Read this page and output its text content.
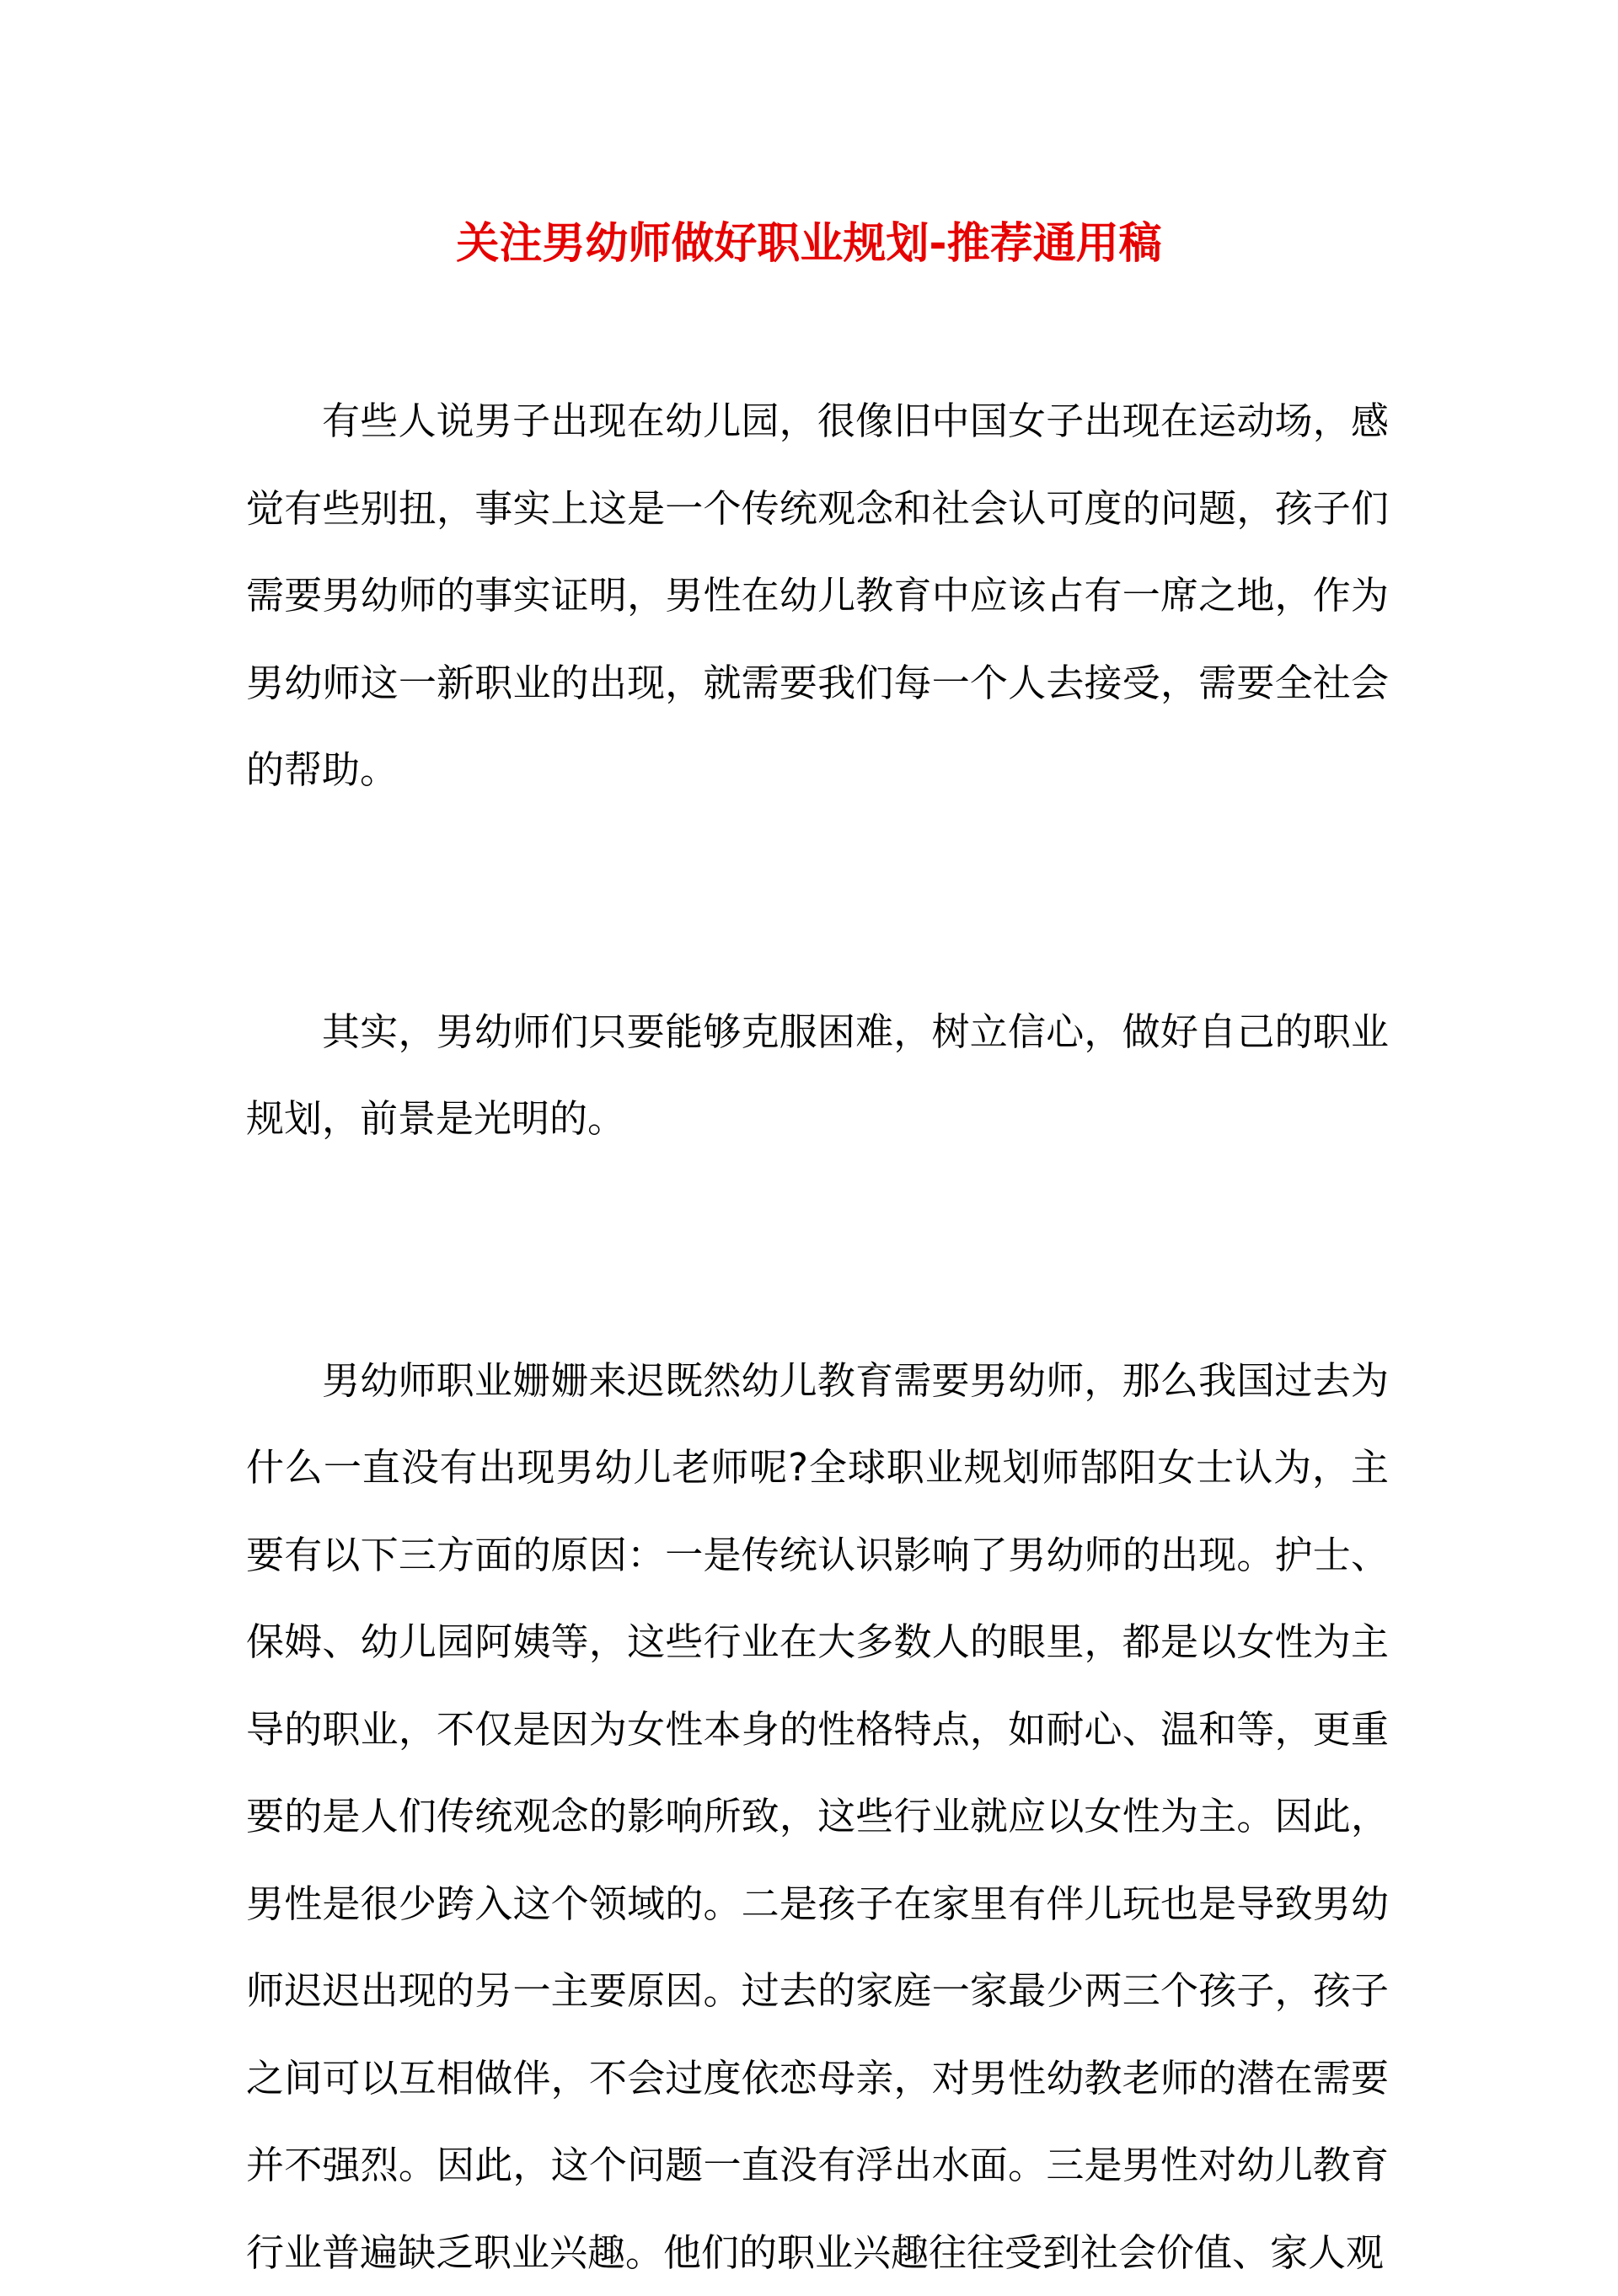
关注男幼师做好职业规划-推荐通用稿

有些人说男子出现在幼儿园，很像旧中国女子出现在运动场，感觉有些别扭，事实上这是一个传统观念和社会认可度的问题，孩子们需要男幼师的事实证明，男性在幼儿教育中应该占有一席之地，作为男幼师这一新职业的出现，就需要我们每一个人去接受，需要全社会的帮助。

其实，男幼师们只要能够克服困难，树立信心，做好自己的职业规划，前景是光明的。

男幼师职业姗姗来迟既然幼儿教育需要男幼师，那么我国过去为什么一直没有出现男幼儿老师呢?全球职业规划师郜阳女士认为，主要有以下三方面的原因：一是传统认识影响了男幼师的出现。护士、保姆、幼儿园阿姨等，这些行业在大多数人的眼里，都是以女性为主导的职业，不仅是因为女性本身的性格特点，如耐心、温和等，更重要的是人们传统观念的影响所致，这些行业就应以女性为主。因此，男性是很少跨入这个领域的。二是孩子在家里有伴儿玩也是导致男幼师迟迟出现的另一主要原因。过去的家庭一家最少两三个孩子，孩子之间可以互相做伴，不会过度依恋母亲，对男性幼教老师的潜在需要并不强烈。因此，这个问题一直没有浮出水面。三是男性对幼儿教育行业普遍缺乏职业兴趣。他们的职业兴趣往往受到社会价值、家人观
